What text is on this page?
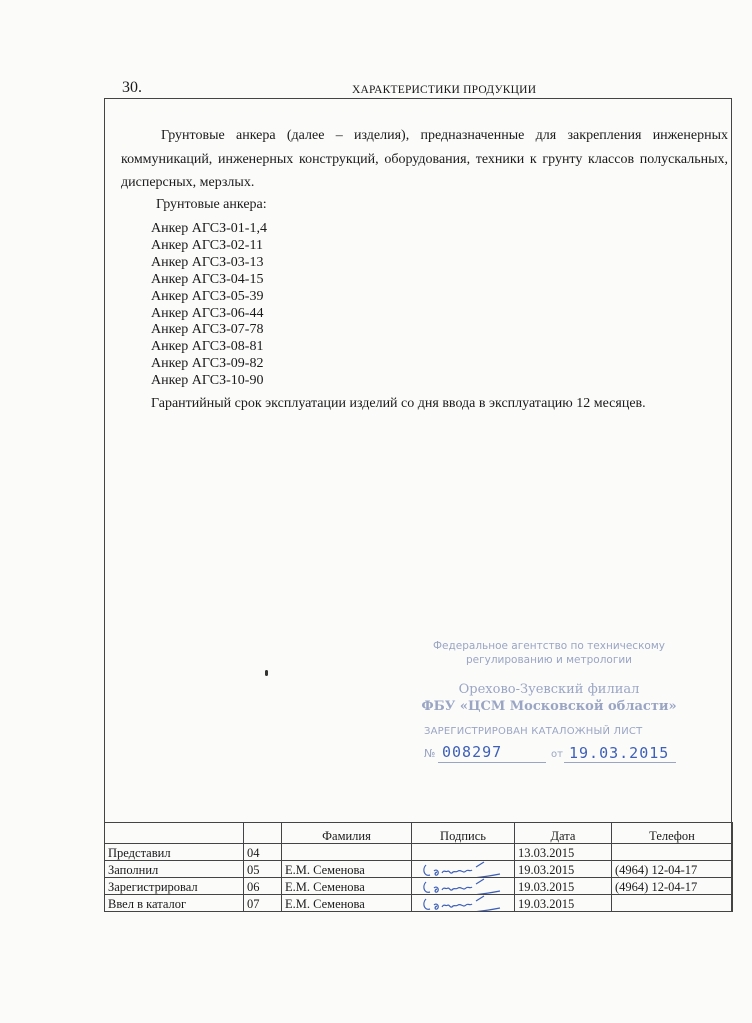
30.	ХАРАКТЕРИСТИКИ ПРОДУКЦИИ

Грунтовые анкера (далее – изделия), предназначенные для закрепления инженерных коммуникаций, инженерных конструкций, оборудования, техники к грунту классов полускальных, дисперсных, мерзлых.

Грунтовые анкера:
Анкер АГСЗ-01-1,4
Анкер АГСЗ-02-11
Анкер АГСЗ-03-13
Анкер АГСЗ-04-15
Анкер АГСЗ-05-39
Анкер АГСЗ-06-44
Анкер АГСЗ-07-78
Анкер АГСЗ-08-81
Анкер АГСЗ-09-82
Анкер АГСЗ-10-90
Гарантийный срок эксплуатации изделий со дня ввода в эксплуатацию 12 месяцев.
Федеральное агентство по техническому
регулированию и метрологии
Орехово-Зуевский филиал
ФБУ «ЦСМ Московской области»
ЗАРЕГИСТРИРОВАН КАТАЛОЖНЫЙ ЛИСТ
№ 008297	от 19.03.2015
		Фамилия	Подпись	Дата	Телефон
Представил	04			13.03.2015	
Заполнил	05	Е.М. Семенова		19.03.2015	(4964) 12-04-17
Зарегистрировал	06	Е.М. Семенова		19.03.2015	(4964) 12-04-17
Ввел в каталог	07	Е.М. Семенова		19.03.2015	
